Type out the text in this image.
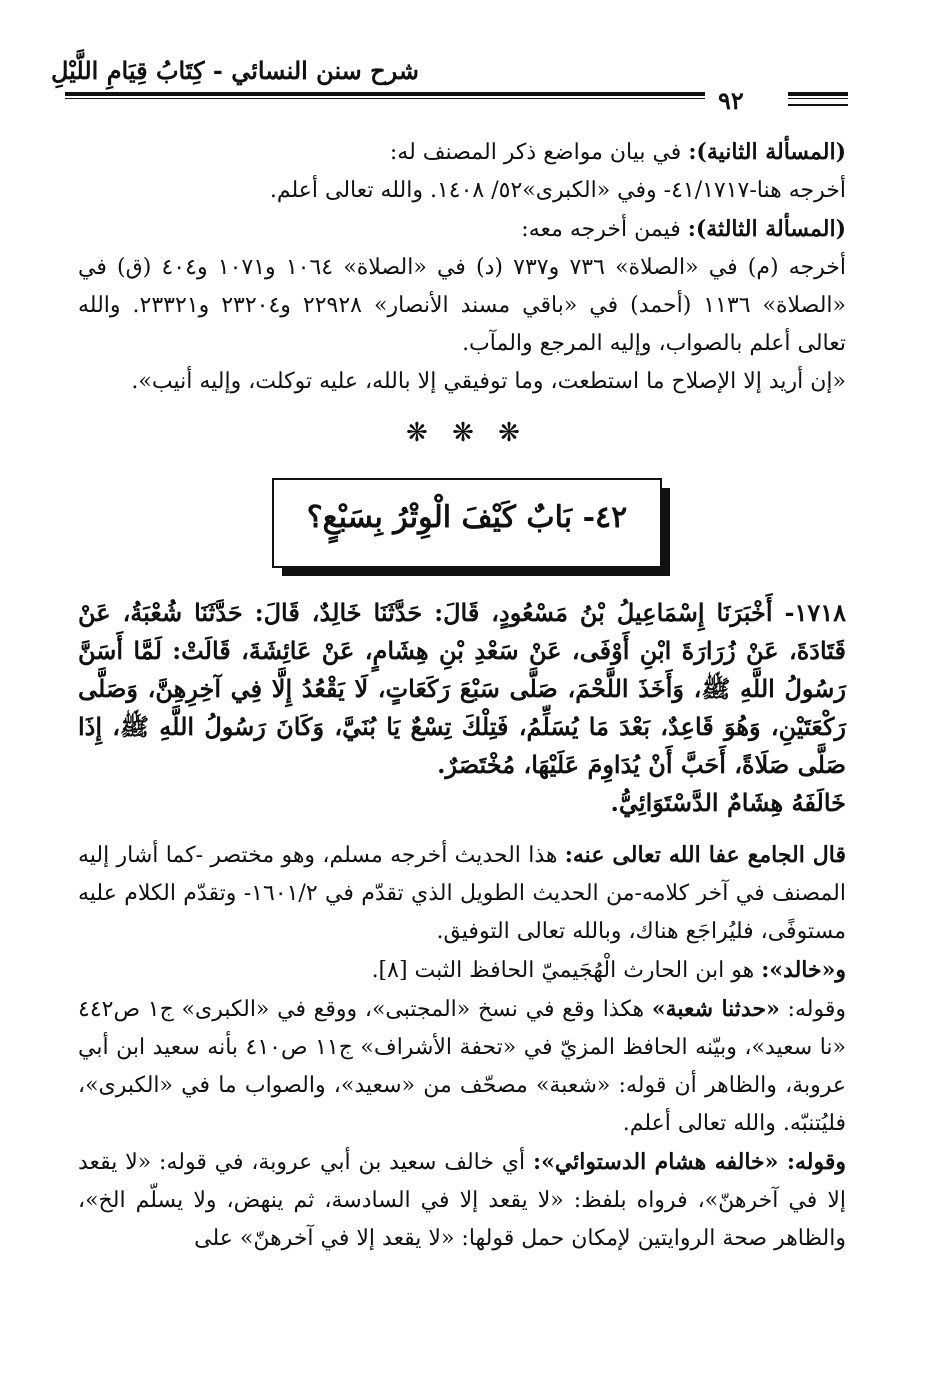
شرح سنن النسائي - كِتَابُ قِيَامِ اللَّيْلِ
٩٢

(المسألة الثانية): في بيان مواضع ذكر المصنف له:

أخرجه هنا-٤١/١٧١٧- وفي «الكبرى»٥٢/ ١٤٠٨. والله تعالى أعلم.

(المسألة الثالثة): فيمن أخرجه معه:

أخرجه (م) في «الصلاة» ٧٣٦ و٧٣٧ (د) في «الصلاة» ١٠٦٤ و١٠٧١ و٤٠٤ (ق) في «الصلاة» ١١٣٦ (أحمد) في «باقي مسند الأنصار» ٢٢٩٢٨ و٢٣٢٠٤ و٢٣٣٢١. والله تعالى أعلم بالصواب، وإليه المرجع والمآب.

«إن أريد إلا الإصلاح ما استطعت، وما توفيقي إلا بالله، عليه توكلت، وإليه أنيب».

❋ ❋ ❋
٤٢- بَابٌ كَيْفَ الْوِتْرُ بِسَبْعٍ؟

١٧١٨- أَخْبَرَنَا إِسْمَاعِيلُ بْنُ مَسْعُودٍ، قَالَ: حَدَّثَنَا خَالِدٌ، قَالَ: حَدَّثَنَا شُعْبَةُ، عَنْ قَتَادَةَ، عَنْ زُرَارَةَ ابْنِ أَوْفَى، عَنْ سَعْدِ بْنِ هِشَامٍ، عَنْ عَائِشَةَ، قَالَتْ: لَمَّا أَسَنَّ رَسُولُ اللَّهِ ﷺ، وَأَخَذَ اللَّحْمَ، صَلَّى سَبْعَ رَكَعَاتٍ، لَا يَقْعُدُ إِلَّا فِي آخِرِهِنَّ، وَصَلَّى رَكْعَتَيْنِ، وَهُوَ قَاعِدٌ، بَعْدَ مَا يُسَلِّمُ، فَتِلْكَ تِسْعٌ يَا بُنَيَّ، وَكَانَ رَسُولُ اللَّهِ ﷺ، إِذَا صَلَّى صَلَاةً، أَحَبَّ أَنْ يُدَاوِمَ عَلَيْهَا، مُخْتَصَرٌ.

خَالَفَهُ هِشَامٌ الدَّسْتَوَائِيُّ.

قال الجامع عفا الله تعالى عنه: هذا الحديث أخرجه مسلم، وهو مختصر -كما أشار إليه المصنف في آخر كلامه-من الحديث الطويل الذي تقدّم في ١٦٠١/٢- وتقدّم الكلام عليه مستوفًى، فليُراجَع هناك، وبالله تعالى التوفيق.

و«خالد»: هو ابن الحارث الْهُجَيميّ الحافظ الثبت [٨].

وقوله: «حدثنا شعبة» هكذا وقع في نسخ «المجتبى»، ووقع في «الكبرى» ج١ ص٤٤٢ «نا سعيد»، وبيّنه الحافظ المزيّ في «تحفة الأشراف» ج١١ ص٤١٠ بأنه سعيد ابن أبي عروبة، والظاهر أن قوله: «شعبة» مصحّف من «سعيد»، والصواب ما في «الكبرى»، فليُتنبّه. والله تعالى أعلم.

وقوله: «خالفه هشام الدستوائي»: أي خالف سعيد بن أبي عروبة، في قوله: «لا يقعد إلا في آخرهنّ»، فرواه بلفظ: «لا يقعد إلا في السادسة، ثم ينهض، ولا يسلّم الخ»، والظاهر صحة الروايتين لإمكان حمل قولها: «لا يقعد إلا في آخرهنّ» على
